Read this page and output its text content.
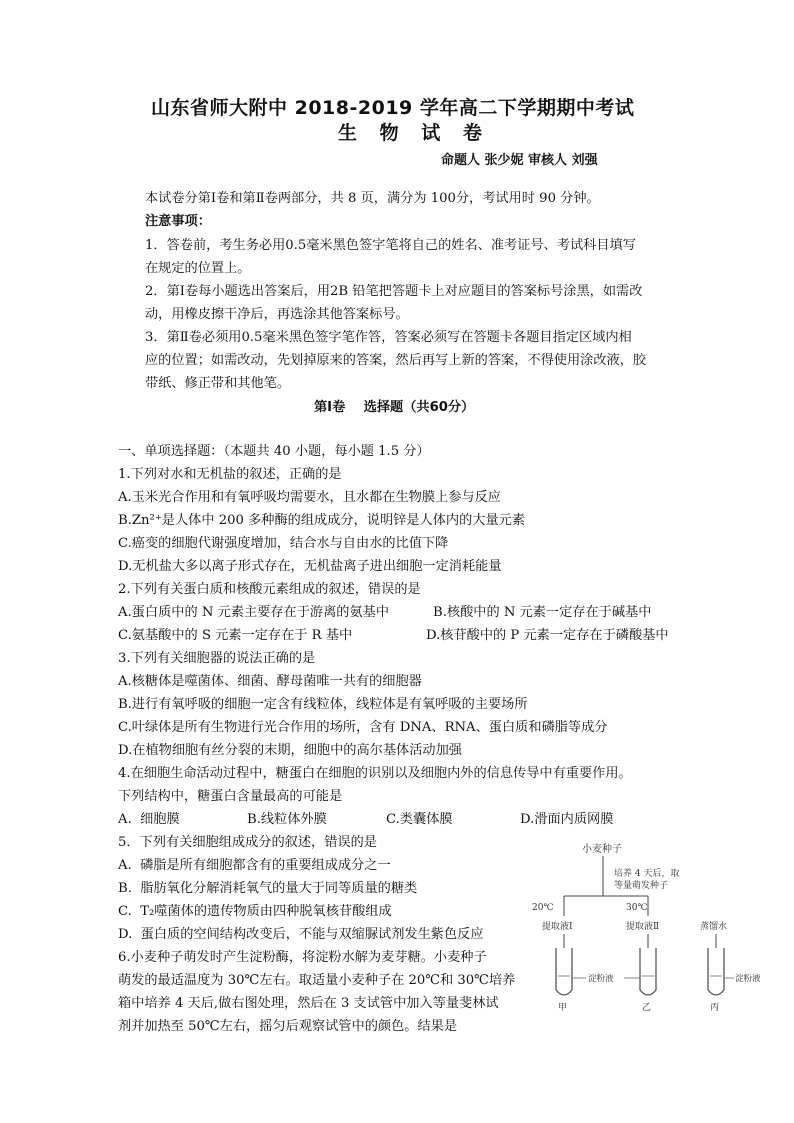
山东省师大附中 2018-2019 学年高二下学期期中考试
生 物 试 卷
命题人 张少妮 审核人 刘强
本试卷分第Ⅰ卷和第Ⅱ卷两部分，共 8 页，满分为 100分，考试用时 90 分钟。
注意事项：
1．答卷前，考生务必用0.5毫米黑色签字笔将自己的姓名、准考证号、考试科目填写
在规定的位置上。
2．第Ⅰ卷每小题选出答案后，用2B 铅笔把答题卡上对应题目的答案标号涂黑，如需改
动，用橡皮擦干净后，再选涂其他答案标号。
3．第Ⅱ卷必须用0.5毫米黑色签字笔作答，答案必须写在答题卡各题目指定区域内相
应的位置；如需改动，先划掉原来的答案，然后再写上新的答案，不得使用涂改液，胶
带纸、修正带和其他笔。
第Ⅰ卷    选择题（共60分）
一、单项选择题：（本题共 40 小题，每小题 1.5 分）
1.下列对水和无机盐的叙述，正确的是
A.玉米光合作用和有氧呼吸均需要水，且水都在生物膜上参与反应
B.Zn²⁺是人体中 200 多种酶的组成成分，说明锌是人体内的大量元素
C.癌变的细胞代谢强度增加，结合水与自由水的比值下降
D.无机盐大多以离子形式存在，无机盐离子进出细胞一定消耗能量
2.下列有关蛋白质和核酸元素组成的叙述，错误的是
A.蛋白质中的 N 元素主要存在于游离的氨基中	B.核酸中的 N 元素一定存在于碱基中
C.氨基酸中的 S 元素一定存在于 R 基中	D.核苷酸中的 P 元素一定存在于磷酸基中
3.下列有关细胞器的说法正确的是
A.核糖体是噬菌体、细菌、酵母菌唯一共有的细胞器
B.进行有氧呼吸的细胞一定含有线粒体，线粒体是有氧呼吸的主要场所
C.叶绿体是所有生物进行光合作用的场所，含有 DNA、RNA、蛋白质和磷脂等成分
D.在植物细胞有丝分裂的末期，细胞中的高尔基体活动加强
4.在细胞生命活动过程中，糖蛋白在细胞的识别以及细胞内外的信息传导中有重要作用。
下列结构中，糖蛋白含量最高的可能是
A.  细胞膜	B.线粒体外膜	C.类囊体膜	D.滑面内质网膜
5．下列有关细胞组成成分的叙述，错误的是
A.  磷脂是所有细胞都含有的重要组成成分之一
B.  脂肪氧化分解消耗氧气的量大于同等质量的糖类
C.  T₂噬菌体的遗传物质由四种脱氧核苷酸组成
D.  蛋白质的空间结构改变后，不能与双缩脲试剂发生紫色反应
6.小麦种子萌发时产生淀粉酶，将淀粉水解为麦芽糖。小麦种子
萌发的最适温度为 30℃左右。取适量小麦种子在 20℃和 30℃培养
箱中培养 4 天后,做右图处理，然后在 3 支试管中加入等量斐林试
剂并加热至 50℃左右，摇匀后观察试管中的颜色。结果是
小麦种子
培养 4 天后，取
等量萌发种子
20℃	30℃
提取液Ⅰ	提取液Ⅱ	蒸馏水
淀粉液	淀粉液
甲	乙	丙
